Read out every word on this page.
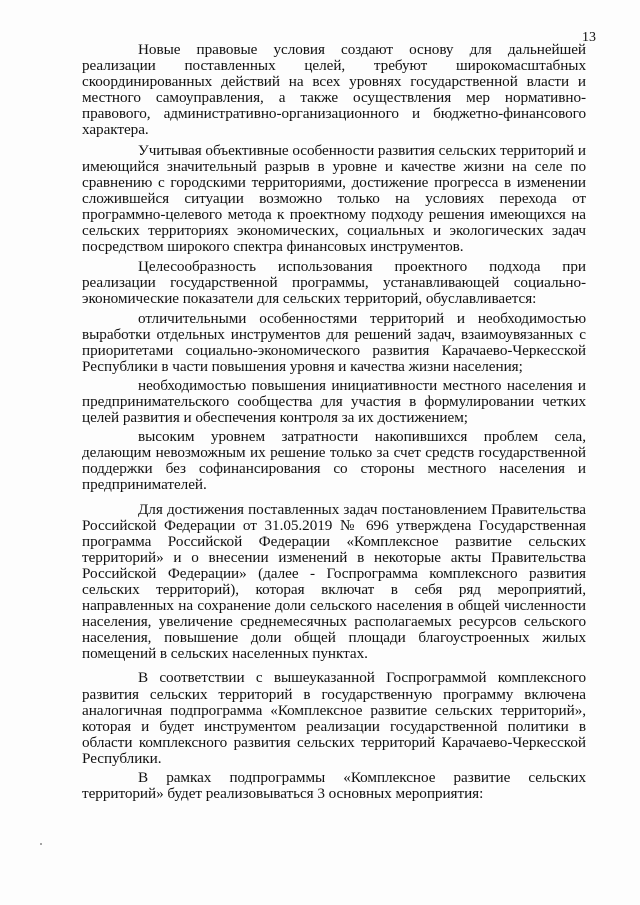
13

Новые правовые условия создают основу для дальнейшей реализации поставленных целей, требуют широкомасштабных скоординированных действий на всех уровнях государственной власти и местного самоуправления, а также осуществления мер нормативно-правового, административно-организационного и бюджетно-финансового характера.

Учитывая объективные особенности развития сельских территорий и имеющийся значительный разрыв в уровне и качестве жизни на селе по сравнению с городскими территориями, достижение прогресса в изменении сложившейся ситуации возможно только на условиях перехода от программно-целевого метода к проектному подходу решения имеющихся на сельских территориях экономических, социальных и экологических задач посредством широкого спектра финансовых инструментов.

Целесообразность использования проектного подхода при реализации государственной программы, устанавливающей социально-экономические показатели для сельских территорий, обуславливается:

отличительными особенностями территорий и необходимостью выработки отдельных инструментов для решений задач, взаимоувязанных с приоритетами социально-экономического развития Карачаево-Черкесской Республики в части повышения уровня и качества жизни населения;

необходимостью повышения инициативности местного населения и предпринимательского сообщества для участия в формулировании четких целей развития и обеспечения контроля за их достижением;

высоким уровнем затратности накопившихся проблем села, делающим невозможным их решение только за счет средств государственной поддержки без софинансирования со стороны местного населения и предпринимателей.

Для достижения поставленных задач постановлением Правительства Российской Федерации от 31.05.2019 № 696 утверждена Государственная программа Российской Федерации «Комплексное развитие сельских территорий» и о внесении изменений в некоторые акты Правительства Российской Федерации» (далее - Госпрограмма комплексного развития сельских территорий), которая включат в себя ряд мероприятий, направленных на сохранение доли сельского населения в общей численности населения, увеличение среднемесячных располагаемых ресурсов сельского населения, повышение доли общей площади благоустроенных жилых помещений в сельских населенных пунктах.

В соответствии с вышеуказанной Госпрограммой комплексного развития сельских территорий в государственную программу включена аналогичная подпрограмма «Комплексное развитие сельских территорий», которая и будет инструментом реализации государственной политики в области комплексного развития сельских территорий Карачаево-Черкесской Республики.

В рамках подпрограммы «Комплексное развитие сельских территорий» будет реализовываться 3 основных мероприятия:
